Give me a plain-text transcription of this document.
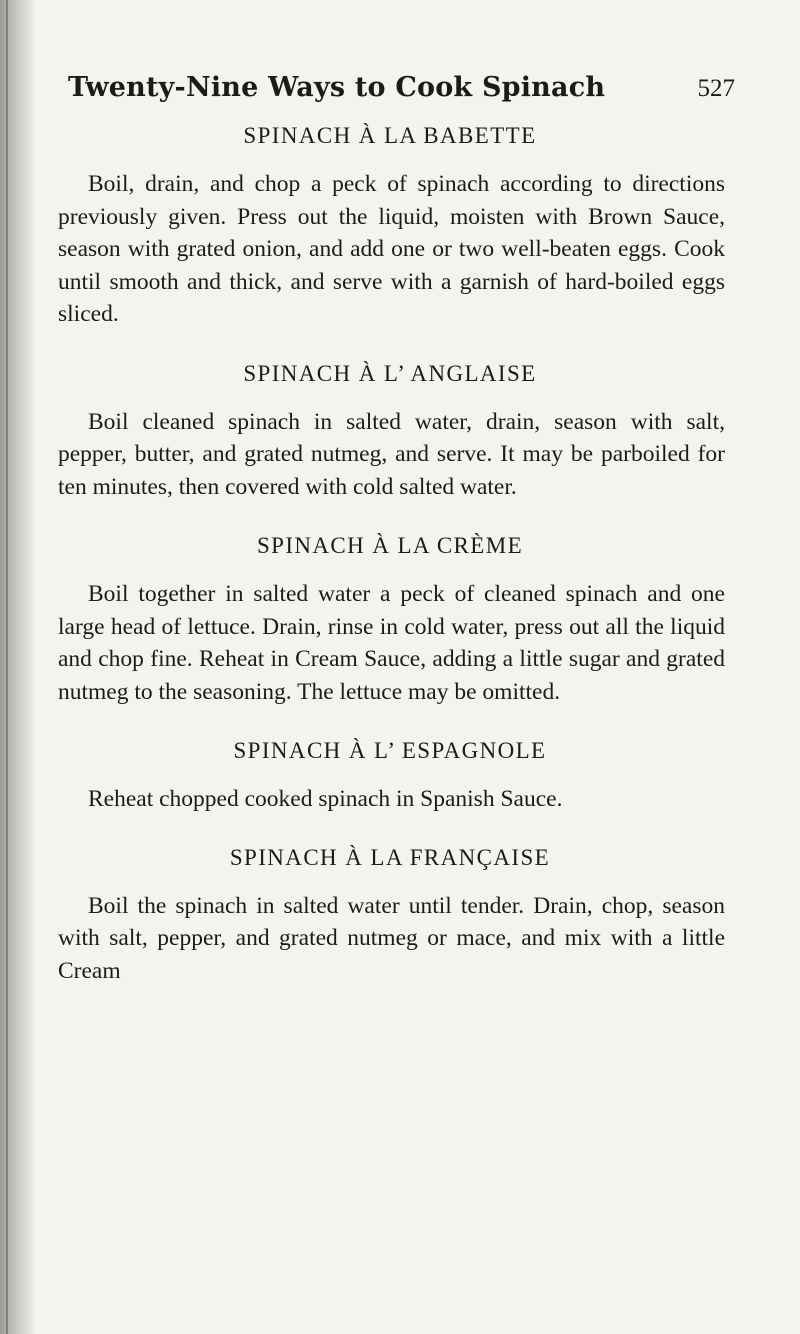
Twenty-Nine Ways to Cook Spinach	527
SPINACH À LA BABETTE

Boil, drain, and chop a peck of spinach according to directions previously given. Press out the liquid, moisten with Brown Sauce, season with grated onion, and add one or two well-beaten eggs. Cook until smooth and thick, and serve with a garnish of hard-boiled eggs sliced.

SPINACH À L’ ANGLAISE

Boil cleaned spinach in salted water, drain, season with salt, pepper, butter, and grated nutmeg, and serve. It may be parboiled for ten minutes, then covered with cold salted water.

SPINACH À LA CRÈME

Boil together in salted water a peck of cleaned spinach and one large head of lettuce. Drain, rinse in cold water, press out all the liquid and chop fine. Reheat in Cream Sauce, adding a little sugar and grated nutmeg to the seasoning. The lettuce may be omitted.

SPINACH À L’ ESPAGNOLE

Reheat chopped cooked spinach in Spanish Sauce.

SPINACH À LA FRANÇAISE

Boil the spinach in salted water until tender. Drain, chop, season with salt, pepper, and grated nutmeg or mace, and mix with a little Cream
